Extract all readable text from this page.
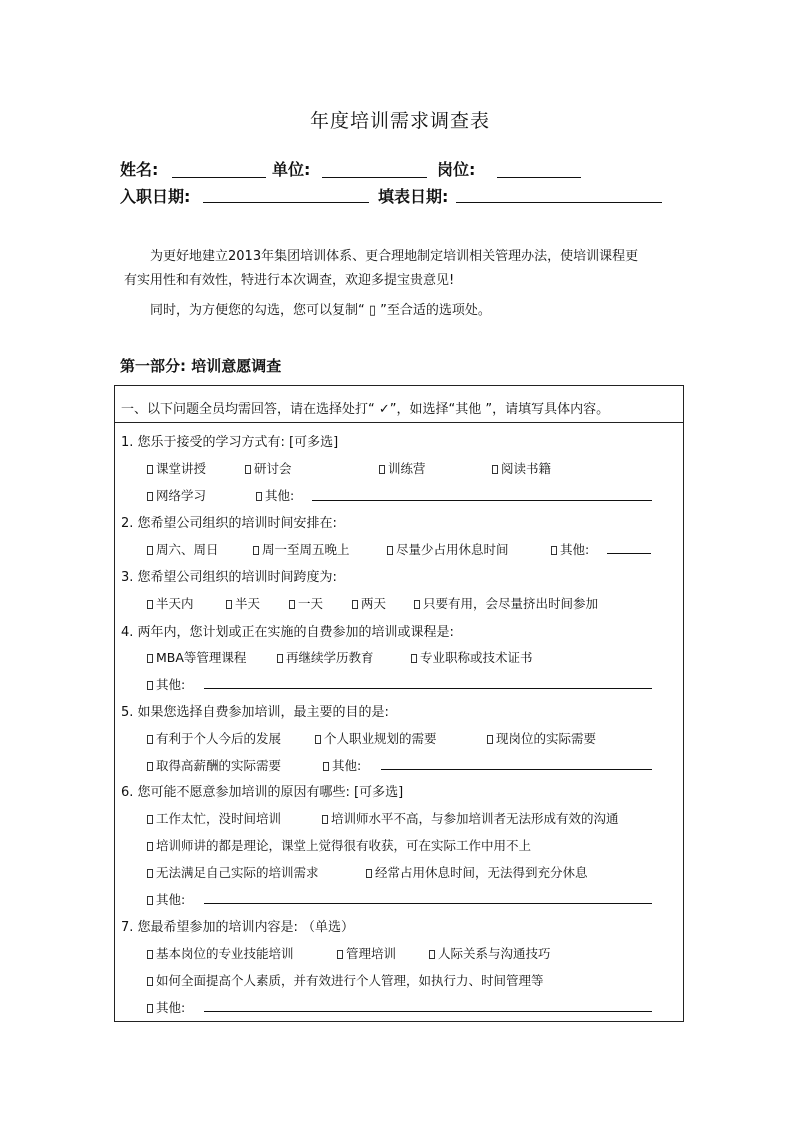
年度培训需求调查表
姓名:	单位:	岗位:
入职日期:	填表日期:
为更好地建立2013年集团培训体系、更合理地制定培训相关管理办法，使培训课程更
有实用性和有效性，特进行本次调查，欢迎多提宝贵意见!
同时，为方便您的勾选，您可以复制“ ▯ ”至合适的选项处。
第一部分: 培训意愿调查
一、以下问题全员均需回答，请在选择处打“ ✓”，如选择“其他 ”，请填写具体内容。
1. 您乐于接受的学习方式有: [可多选]
课堂讲授	研讨会	训练营	阅读书籍
网络学习	其他:
2. 您希望公司组织的培训时间安排在:
周六、周日	周一至周五晚上	尽量少占用休息时间	其他:
3. 您希望公司组织的培训时间跨度为:
半天内	半天	一天	两天	只要有用，会尽量挤出时间参加
4. 两年内，您计划或正在实施的自费参加的培训或课程是:
MBA等管理课程	再继续学历教育	专业职称或技术证书
其他:
5. 如果您选择自费参加培训，最主要的目的是:
有利于个人今后的发展	个人职业规划的需要	现岗位的实际需要
取得高薪酬的实际需要	其他:
6. 您可能不愿意参加培训的原因有哪些: [可多选]
工作太忙，没时间培训	培训师水平不高，与参加培训者无法形成有效的沟通
培训师讲的都是理论，课堂上觉得很有收获，可在实际工作中用不上
无法满足自己实际的培训需求	经常占用休息时间，无法得到充分休息
其他:
7. 您最希望参加的培训内容是: （单选）
基本岗位的专业技能培训	管理培训	人际关系与沟通技巧
如何全面提高个人素质，并有效进行个人管理，如执行力、时间管理等
其他:
